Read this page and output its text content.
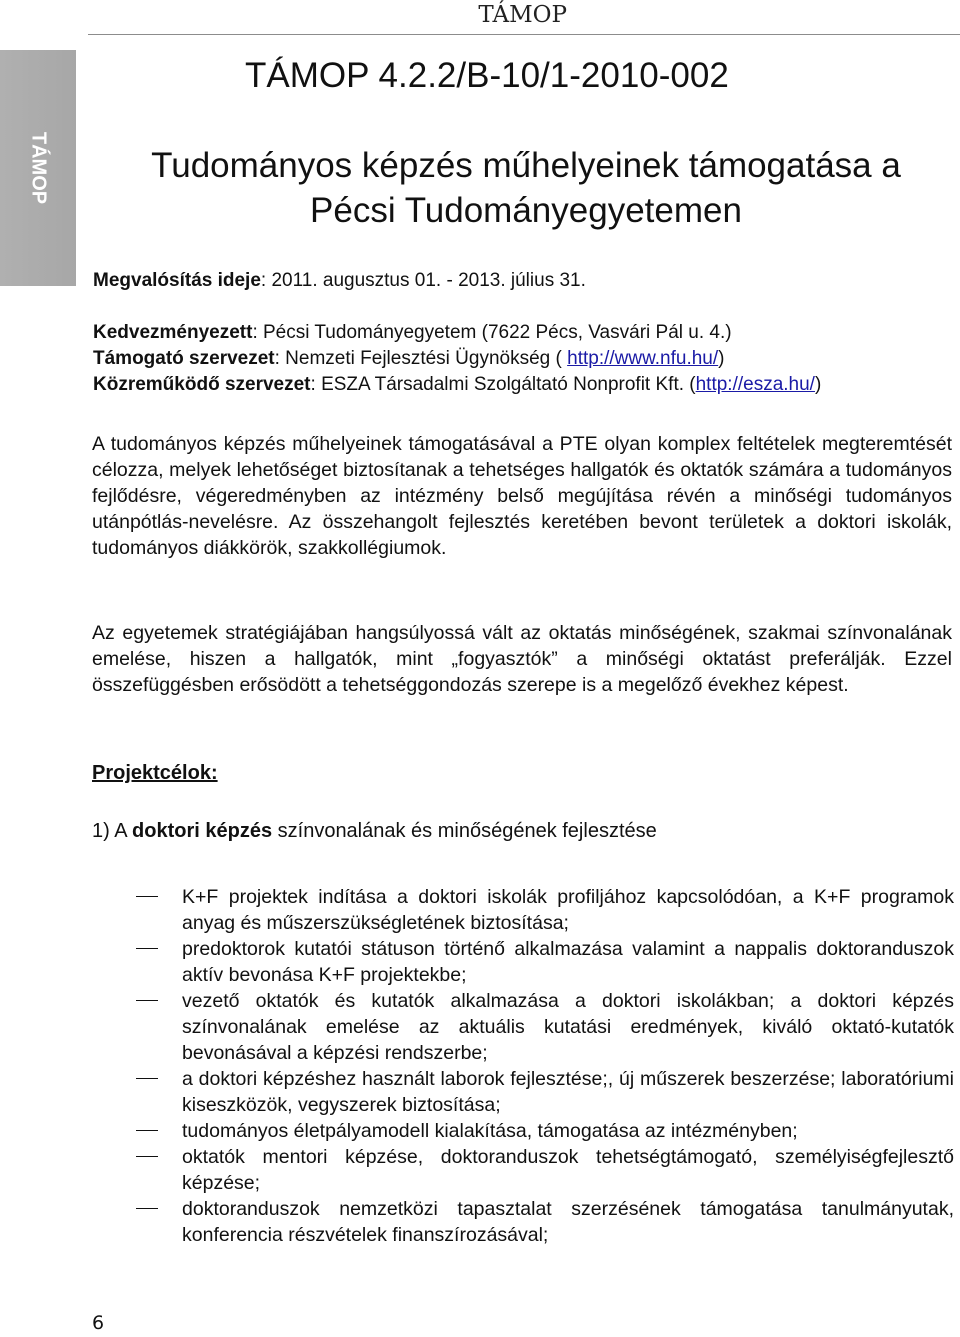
TÁMOP
TÁMOP
TÁMOP 4.2.2/B-10/1-2010-002
Tudományos képzés műhelyeinek támogatása a
Pécsi Tudományegyetemen
Megvalósítás ideje: 2011. augusztus 01. - 2013. július 31.
Kedvezményezett: Pécsi Tudományegyetem (7622 Pécs, Vasvári Pál u. 4.)
Támogató szervezet: Nemzeti Fejlesztési Ügynökség ( http://www.nfu.hu/)
Közreműködő szervezet: ESZA Társadalmi Szolgáltató Nonprofit Kft. (http://esza.hu/)
A tudományos képzés műhelyeinek támogatásával a PTE olyan komplex feltételek megteremtését célozza, melyek lehetőséget biztosítanak a tehetséges hallgatók és oktatók számára a tudományos fejlődésre, végeredményben az intézmény belső megújítása révén a minőségi tudományos utánpótlás-nevelésre. Az összehangolt fejlesztés keretében bevont területek a doktori iskolák, tudományos diákkörök, szakkollégiumok.
Az egyetemek stratégiájában hangsúlyossá vált az oktatás minőségének, szakmai színvonalának emelése, hiszen a hallgatók, mint „fogyasztók” a minőségi oktatást preferálják. Ezzel összefüggésben erősödött a tehetséggondozás szerepe is a megelőző évekhez képest.
Projektcélok:
1) A doktori képzés színvonalának és minőségének fejlesztése
K+F projektek indítása a doktori iskolák profiljához kapcsolódóan, a K+F programok anyag és műszerszükségletének biztosítása;
predoktorok kutatói státuson történő alkalmazása valamint a nappalis doktoranduszok aktív bevonása K+F projektekbe;
vezető oktatók és kutatók alkalmazása a doktori iskolákban; a doktori képzés színvonalának emelése az aktuális kutatási eredmények, kiváló oktató-kutatók bevonásával a képzési rendszerbe;
a doktori képzéshez használt laborok fejlesztése;, új műszerek beszerzése; laboratóriumi kiseszközök, vegyszerek biztosítása;
tudományos életpályamodell kialakítása, támogatása az intézményben;
oktatók mentori képzése, doktoranduszok tehetségtámogató, személyiségfejlesztő képzése;
doktoranduszok nemzetközi tapasztalat szerzésének támogatása tanulmányutak, konferencia részvételek finanszírozásával;
6
